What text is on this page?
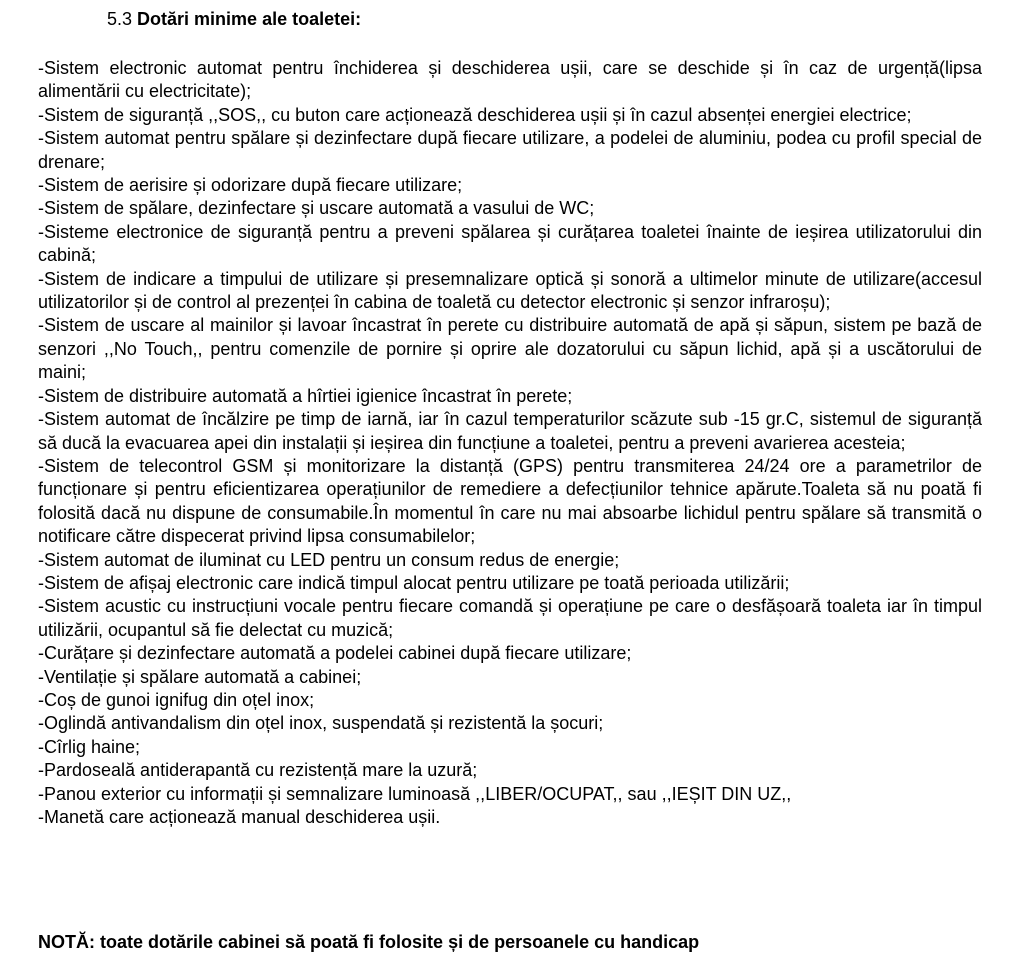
5.3 Dotări minime ale toaletei:

-Sistem electronic automat pentru închiderea și deschiderea ușii, care se deschide și în caz de urgență(lipsa alimentării cu electricitate);

-Sistem de siguranță ,,SOS,, cu buton care acționează deschiderea ușii și în cazul absenței energiei electrice;

-Sistem automat pentru spălare și dezinfectare după fiecare utilizare, a podelei de aluminiu, podea cu profil special de drenare;

-Sistem de aerisire și odorizare după fiecare utilizare;

-Sistem de spălare, dezinfectare și uscare automată a vasului de WC;

-Sisteme electronice de siguranță pentru a preveni spălarea și curățarea toaletei înainte de ieșirea utilizatorului din cabină;

-Sistem de indicare a timpului de utilizare și presemnalizare optică și sonoră a ultimelor minute de utilizare(accesul utilizatorilor și de control al prezenței în cabina de toaletă cu detector electronic și senzor infraroșu);

-Sistem de uscare al mainilor și lavoar încastrat în perete cu distribuire automată de apă și săpun, sistem pe bază de senzori ,,No Touch,, pentru comenzile de pornire și oprire ale dozatorului cu săpun lichid, apă și a uscătorului de maini;

-Sistem de distribuire automată a hîrtiei igienice încastrat în perete;

-Sistem automat de încălzire pe timp de iarnă, iar în cazul temperaturilor scăzute sub -15 gr.C, sistemul de siguranță să ducă la evacuarea apei din instalații și ieșirea din funcțiune a toaletei, pentru a preveni avarierea acesteia;

-Sistem de telecontrol GSM și monitorizare la distanță (GPS) pentru transmiterea 24/24 ore a parametrilor de funcționare și pentru eficientizarea operațiunilor de remediere a defecțiunilor tehnice apărute.Toaleta să nu poată fi folosită dacă nu dispune de consumabile.În momentul în care nu mai absoarbe lichidul pentru spălare să transmită o notificare către dispecerat privind lipsa consumabilelor;

-Sistem automat de iluminat cu LED pentru un consum redus de energie;

-Sistem de afișaj electronic care indică timpul alocat pentru utilizare pe toată perioada utilizării;

-Sistem acustic cu instrucțiuni vocale pentru fiecare comandă și operațiune pe care o desfășoară toaleta iar în timpul utilizării, ocupantul să fie delectat cu muzică;

-Curățare și dezinfectare automată a podelei cabinei după fiecare utilizare;

-Ventilație și spălare automată a cabinei;

-Coș de gunoi ignifug din oțel inox;

-Oglindă antivandalism din oțel inox, suspendată și rezistentă la șocuri;

-Cîrlig haine;

-Pardoseală antiderapantă cu rezistență mare la uzură;

-Panou exterior cu informații și semnalizare luminoasă ,,LIBER/OCUPAT,, sau ,,IEȘIT DIN UZ,,

-Manetă care acționează manual deschiderea ușii.

NOTĂ: toate dotările cabinei să poată fi folosite și de persoanele cu handicap
